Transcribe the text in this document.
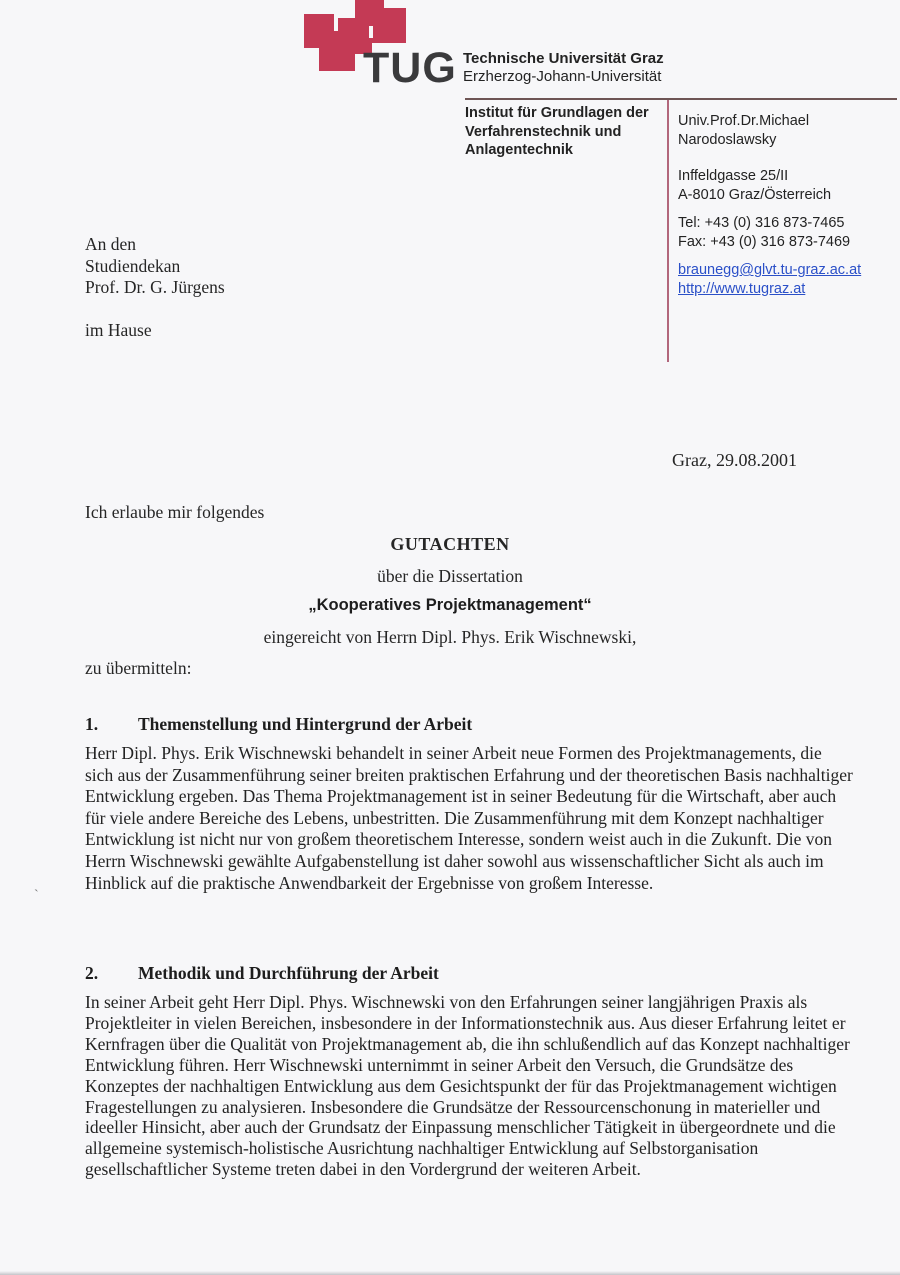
TUG Technische Universität Graz
Erzherzog-Johann-Universität
Institut für Grundlagen der
Verfahrenstechnik und
Anlagentechnik
Univ.Prof.Dr.Michael
Narodoslawsky
Inffeldgasse 25/II
A-8010 Graz/Österreich
Tel: +43 (0) 316 873-7465
Fax: +43 (0) 316 873-7469
braunegg@glvt.tu-graz.ac.at
http://www.tugraz.at
An den
Studiendekan
Prof. Dr. G. Jürgens
im Hause
Graz, 29.08.2001
Ich erlaube mir folgendes
GUTACHTEN
über die Dissertation
„Kooperatives Projektmanagement“
eingereicht von Herrn Dipl. Phys. Erik Wischnewski,
zu übermitteln:
1. Themenstellung und Hintergrund der Arbeit
Herr Dipl. Phys. Erik Wischnewski behandelt in seiner Arbeit neue Formen des Projektmanagements, die sich aus der Zusammenführung seiner breiten praktischen Erfahrung und der theoretischen Basis nachhaltiger Entwicklung ergeben. Das Thema Projektmanagement ist in seiner Bedeutung für die Wirtschaft, aber auch für viele andere Bereiche des Lebens, unbestritten. Die Zusammenführung mit dem Konzept nachhaltiger Entwicklung ist nicht nur von großem theoretischem Interesse, sondern weist auch in die Zukunft. Die von Herrn Wischnewski gewählte Aufgabenstellung ist daher sowohl aus wissenschaftlicher Sicht als auch im Hinblick auf die praktische Anwendbarkeit der Ergebnisse von großem Interesse.
2. Methodik und Durchführung der Arbeit
In seiner Arbeit geht Herr Dipl. Phys. Wischnewski von den Erfahrungen seiner langjährigen Praxis als Projektleiter in vielen Bereichen, insbesondere in der Informationstechnik aus. Aus dieser Erfahrung leitet er Kernfragen über die Qualität von Projektmanagement ab, die ihn schlußendlich auf das Konzept nachhaltiger Entwicklung führen. Herr Wischnewski unternimmt in seiner Arbeit den Versuch, die Grundsätze des Konzeptes der nachhaltigen Entwicklung aus dem Gesichtspunkt der für das Projektmanagement wichtigen Fragestellungen zu analysieren. Insbesondere die Grundsätze der Ressourcenschonung in materieller und ideeller Hinsicht, aber auch der Grundsatz der Einpassung menschlicher Tätigkeit in übergeordnete und die allgemeine systemisch-holistische Ausrichtung nachhaltiger Entwicklung auf Selbstorganisation gesellschaftlicher Systeme treten dabei in den Vordergrund der weiteren Arbeit.
`
